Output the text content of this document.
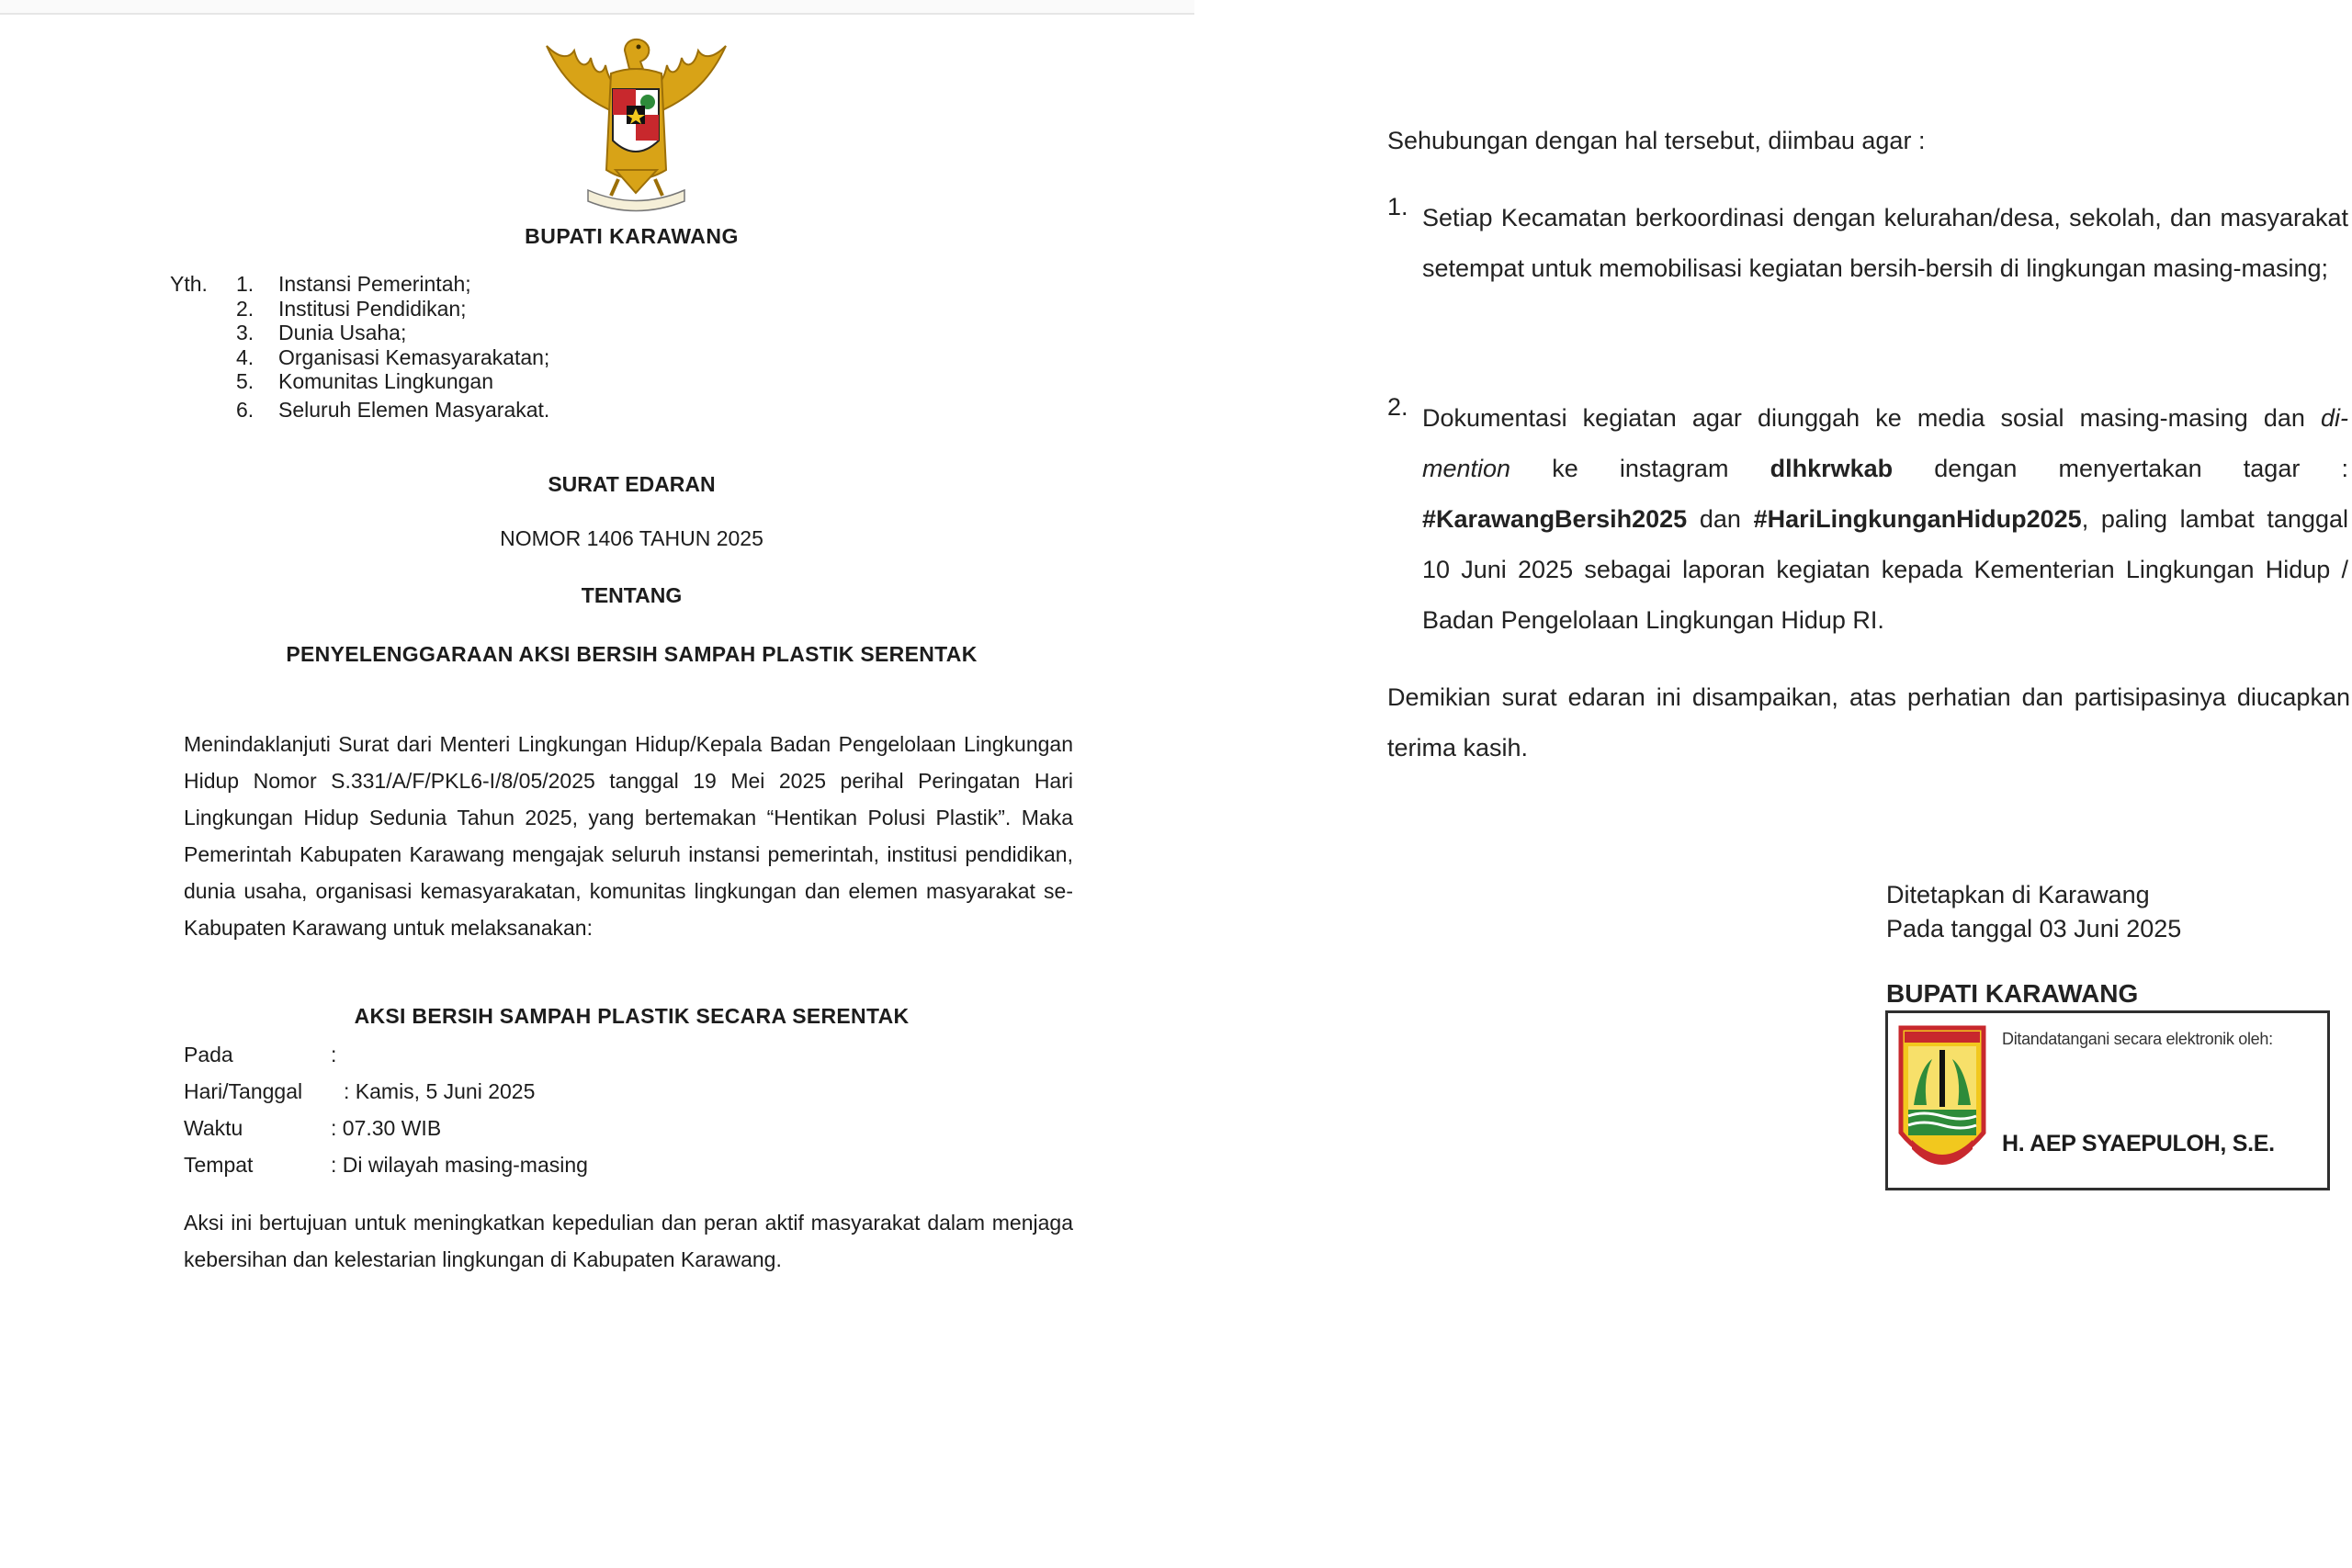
BUPATI KARAWANG
Yth. 1.	Instansi Pemerintah;
2.	Institusi Pendidikan;
3.	Dunia Usaha;
4.	Organisasi Kemasyarakatan;
5.	Komunitas Lingkungan
6.	Seluruh Elemen Masyarakat.
SURAT EDARAN
NOMOR 1406 TAHUN 2025
TENTANG
PENYELENGGARAAN AKSI BERSIH SAMPAH PLASTIK SERENTAK
Menindaklanjuti Surat dari Menteri Lingkungan Hidup/Kepala Badan Pengelolaan Lingkungan Hidup Nomor S.331/A/F/PKL6-I/8/05/2025 tanggal 19 Mei 2025 perihal Peringatan Hari Lingkungan Hidup Sedunia Tahun 2025, yang bertemakan “Hentikan Polusi Plastik”. Maka Pemerintah Kabupaten Karawang mengajak seluruh instansi pemerintah, institusi pendidikan, dunia usaha, organisasi kemasyarakatan, komunitas lingkungan dan elemen masyarakat se-Kabupaten Karawang untuk melaksanakan:
AKSI BERSIH SAMPAH PLASTIK SECARA SERENTAK
Pada	:
Hari/Tanggal : Kamis, 5 Juni 2025
Waktu	: 07.30 WIB
Tempat	: Di wilayah masing-masing
Aksi ini bertujuan untuk meningkatkan kepedulian dan peran aktif masyarakat dalam menjaga kebersihan dan kelestarian lingkungan di Kabupaten Karawang.
Sehubungan dengan hal tersebut, diimbau agar :
1. Setiap Kecamatan berkoordinasi dengan kelurahan/desa, sekolah, dan masyarakat setempat untuk memobilisasi kegiatan bersih-bersih di lingkungan masing-masing;
2. Dokumentasi kegiatan agar diunggah ke media sosial masing-masing dan di-mention ke instagram dlhkrwkab dengan menyertakan tagar : #KarawangBersih2025 dan #HariLingkunganHidup2025, paling lambat tanggal 10 Juni 2025 sebagai laporan kegiatan kepada Kementerian Lingkungan Hidup / Badan Pengelolaan Lingkungan Hidup RI.
Demikian surat edaran ini disampaikan, atas perhatian dan partisipasinya diucapkan terima kasih.
Ditetapkan di Karawang
Pada tanggal 03 Juni 2025
BUPATI KARAWANG
Ditandatangani secara elektronik oleh:
H. AEP SYAEPULOH, S.E.
